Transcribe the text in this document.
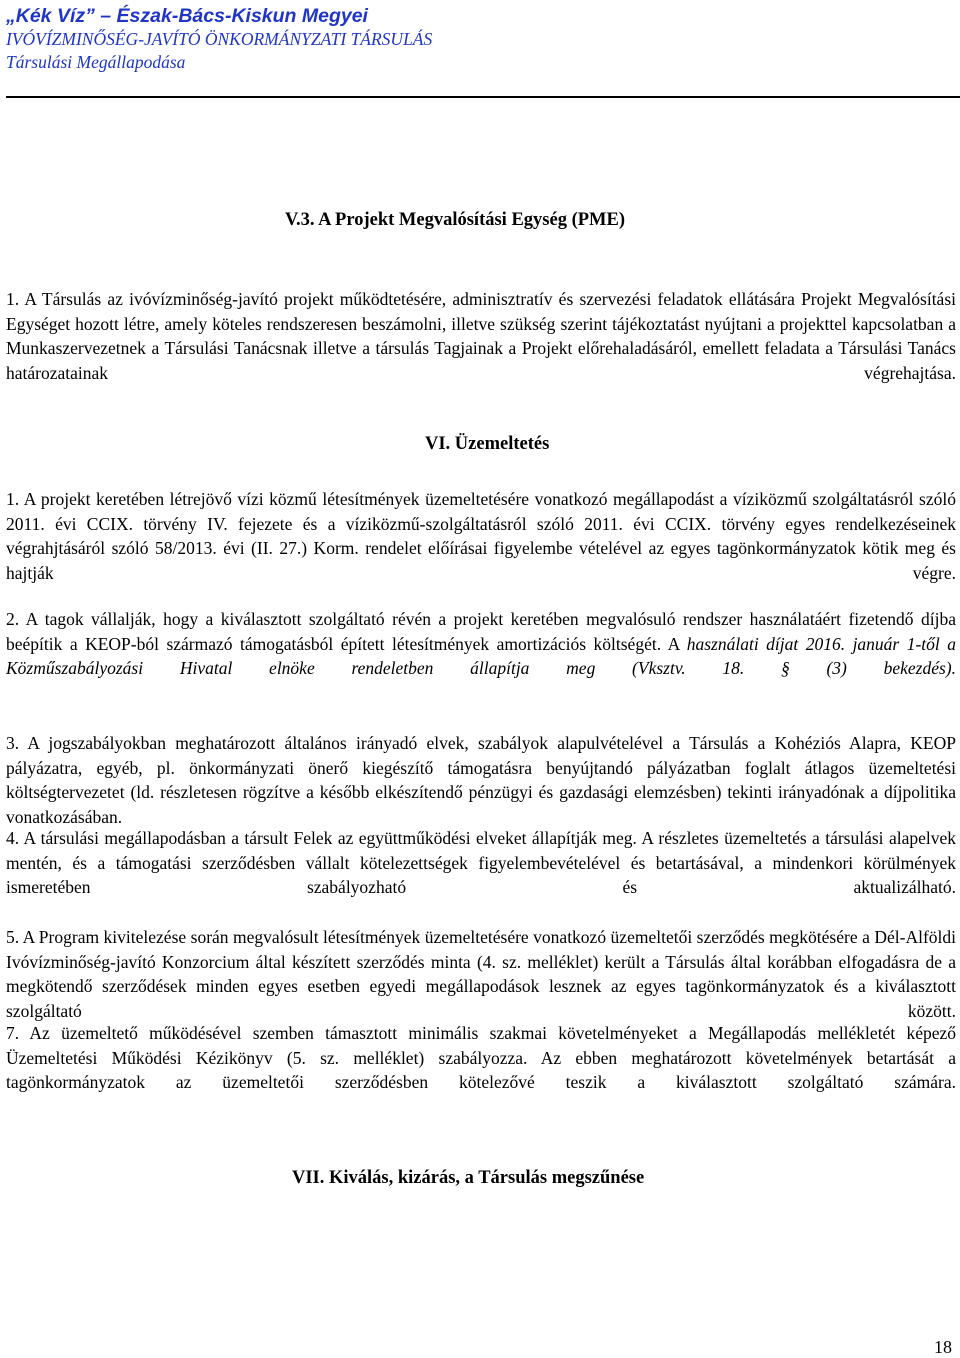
„Kék Víz” – Észak-Bács-Kiskun Megyei
IVÓVÍZMINŐSÉG-JAVÍTÓ ÖNKORMÁNYZATI TÁRSULÁS
Társulási Megállapodása
V.3. A Projekt Megvalósítási Egység (PME)

1. A Társulás az ivóvízminőség-javító projekt működtetésére, adminisztratív és szervezési feladatok ellátására Projekt Megvalósítási Egységet hozott létre, amely köteles rendszeresen beszámolni, illetve szükség szerint tájékoztatást nyújtani a projekttel kapcsolatban a Munkaszervezetnek a Társulási Tanácsnak illetve a társulás Tagjainak a Projekt előrehaladásáról, emellett feladata a Társulási Tanács határozatainak végrehajtása.

VI. Üzemeltetés

1. A projekt keretében létrejövő vízi közmű létesítmények üzemeltetésére vonatkozó megállapodást a víziközmű szolgáltatásról szóló 2011. évi CCIX. törvény IV. fejezete és a víziközmű-szolgáltatásról szóló 2011. évi CCIX. törvény egyes rendelkezéseinek végrahjtásáról szóló 58/2013. évi (II. 27.) Korm. rendelet előírásai figyelembe vételével az egyes tagönkormányzatok kötik meg és hajtják végre.

2. A tagok vállalják, hogy a kiválasztott szolgáltató révén a projekt keretében megvalósuló rendszer használatáért fizetendő díjba beépítik a KEOP-ból származó támogatásból épített létesítmények amortizációs költségét. A használati díjat 2016. január 1-től a Közműszabályozási Hivatal elnöke rendeletben állapítja meg (Vksztv. 18. § (3) bekezdés).

3. A jogszabályokban meghatározott általános irányadó elvek, szabályok alapulvételével a Társulás a Kohéziós Alapra, KEOP pályázatra, egyéb, pl. önkormányzati önerő kiegészítő támogatásra benyújtandó pályázatban foglalt átlagos üzemeltetési költségtervezetet (ld. részletesen rögzítve a később elkészítendő pénzügyi és gazdasági elemzésben) tekinti irányadónak a díjpolitika vonatkozásában.

4. A társulási megállapodásban a társult Felek az együttműködési elveket állapítják meg. A részletes üzemeltetés a társulási alapelvek mentén, és a támogatási szerződésben vállalt kötelezettségek figyelembevételével és betartásával, a mindenkori körülmények ismeretében szabályozható és aktualizálható.

5. A Program kivitelezése során megvalósult létesítmények üzemeltetésére vonatkozó üzemeltetői szerződés megkötésére a Dél-Alföldi Ivóvízminőség-javító Konzorcium által készített szerződés minta (4. sz. melléklet) került a Társulás által korábban elfogadásra de a megkötendő szerződések minden egyes esetben egyedi megállapodások lesznek az egyes tagönkormányzatok és a kiválasztott szolgáltató között.

7. Az üzemeltető működésével szemben támasztott minimális szakmai követelményeket a Megállapodás mellékletét képező Üzemeltetési Működési Kézikönyv (5. sz. melléklet) szabályozza. Az ebben meghatározott követelmények betartását a tagönkormányzatok az üzemeltetői szerződésben kötelezővé teszik a kiválasztott szolgáltató számára.

VII. Kiválás, kizárás, a Társulás megszűnése
18
